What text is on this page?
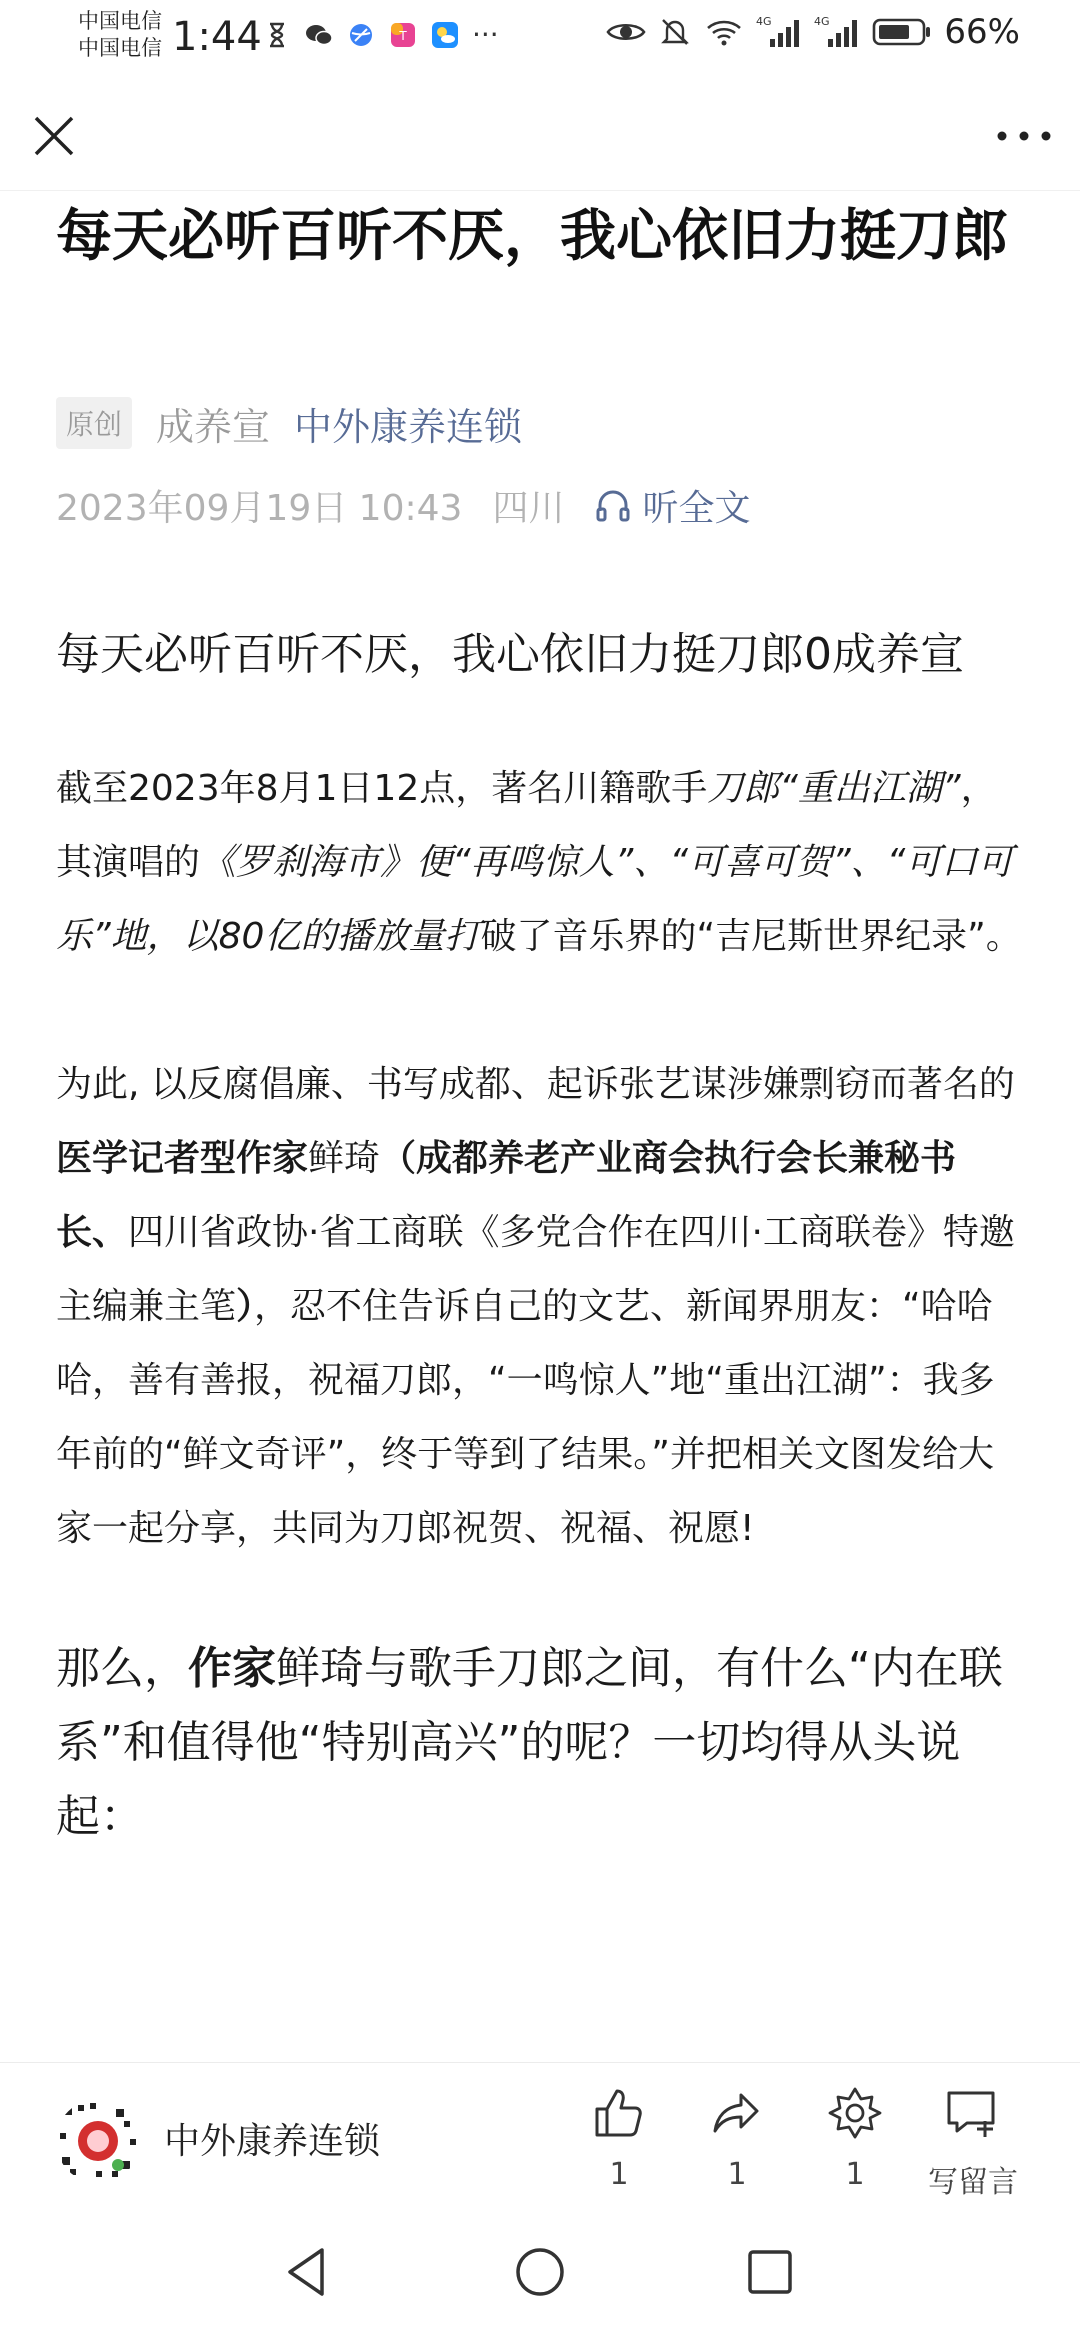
中国电信
中国电信 1:44	T ···	4G	4G	66%
每天必听百听不厌，我心依旧力挺刀郎
原创 成养宣 中外康养连锁
2023年09月19日 10:43 四川 听全文

每天必听百听不厌，我心依旧力挺刀郎0成养宣

截至2023年8月1日12点，著名川籍歌手刀郎“重出江湖”，其演唱的《罗刹海市》便“再鸣惊人”、“可喜可贺”、“可口可乐”地，以80亿的播放量打破了音乐界的“吉尼斯世界纪录”。

为此, 以反腐倡廉、书写成都、起诉张艺谋涉嫌剽窃而著名的医学记者型作家鲜琦（成都养老产业商会执行会长兼秘书长、四川省政协·省工商联《多党合作在四川·工商联卷》特邀主编兼主笔），忍不住告诉自己的文艺、新闻界朋友：“哈哈哈，善有善报，祝福刀郎，“一鸣惊人”地“重出江湖”：我多年前的“鲜文奇评”，终于等到了结果。”并把相关文图发给大家一起分享，共同为刀郎祝贺、祝福、祝愿!

那么，作家鲜琦与歌手刀郎之间，有什么“内在联系”和值得他“特别高兴”的呢？一切均得从头说起：

中外康养连锁
1	1	1	写留言
